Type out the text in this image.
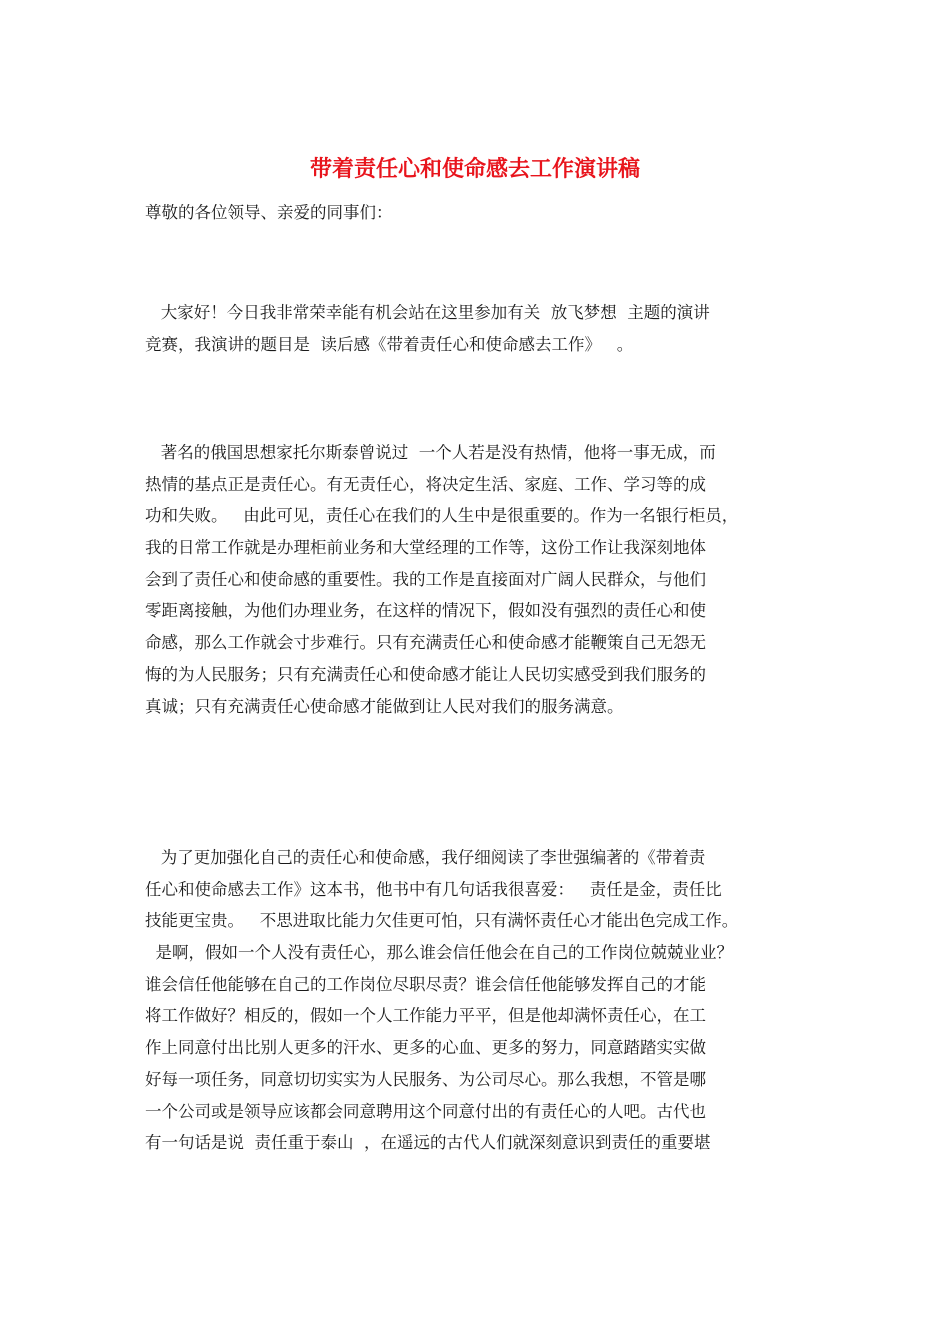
带着责任心和使命感去工作演讲稿

尊敬的各位领导、亲爱的同事们：

大家好！今日我非常荣幸能有机会站在这里参加有关  放飞梦想  主题的演讲
竞赛，我演讲的题目是  读后感《带着责任心和使命感去工作》   。
著名的俄国思想家托尔斯泰曾说过  一个人若是没有热情，他将一事无成，而
热情的基点正是责任心。有无责任心，将决定生活、家庭、工作、学习等的成
功和失败。   由此可见，责任心在我们的人生中是很重要的。作为一名银行柜员，
我的日常工作就是办理柜前业务和大堂经理的工作等，这份工作让我深刻地体
会到了责任心和使命感的重要性。我的工作是直接面对广阔人民群众，与他们
零距离接触，为他们办理业务，在这样的情况下，假如没有强烈的责任心和使
命感，那么工作就会寸步难行。只有充满责任心和使命感才能鞭策自己无怨无
悔的为人民服务；只有充满责任心和使命感才能让人民切实感受到我们服务的
真诚；只有充满责任心使命感才能做到让人民对我们的服务满意。
为了更加强化自己的责任心和使命感，我仔细阅读了李世强编著的《带着责
任心和使命感去工作》这本书，他书中有几句话我很喜爱：   责任是金，责任比
技能更宝贵。   不思进取比能力欠佳更可怕，只有满怀责任心才能出色完成工作。
是啊，假如一个人没有责任心，那么谁会信任他会在自己的工作岗位兢兢业业？
谁会信任他能够在自己的工作岗位尽职尽责？谁会信任他能够发挥自己的才能
将工作做好？相反的，假如一个人工作能力平平，但是他却满怀责任心，在工
作上同意付出比别人更多的汗水、更多的心血、更多的努力，同意踏踏实实做
好每一项任务，同意切切实实为人民服务、为公司尽心。那么我想，不管是哪
一个公司或是领导应该都会同意聘用这个同意付出的有责任心的人吧。古代也
有一句话是说  责任重于泰山  ，在遥远的古代人们就深刻意识到责任的重要堪
